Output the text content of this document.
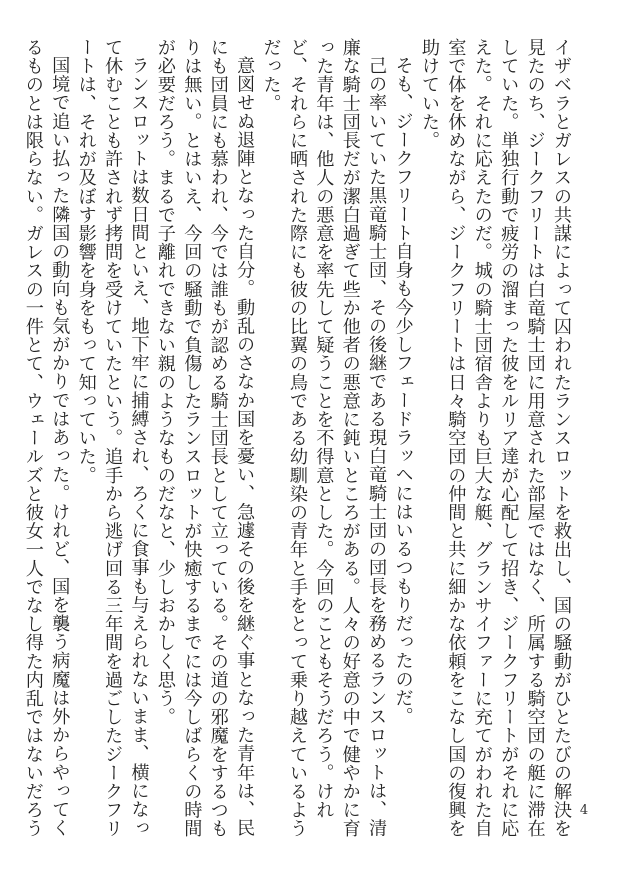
イザベラとガレスの共謀によって囚われたランスロットを救出し、国の騒動がひとたびの解決を見たのち、ジークフリートは白竜騎士団に用意された部屋ではなく、所属する騎空団の艇に滞在していた。単独行動で疲労の溜まった彼をルリア達が心配して招き、ジークフリートがそれに応えた。それに応えたのだ。城の騎士団宿舎よりも巨大な艇、グランサイファーに充てがわれた自室で体を休めながら、ジークフリートは日々騎空団の仲間と共に細かな依頼をこなし国の復興を助けていた。

そも、ジークフリート自身も今少しフェードラッヘにはいるつもりだったのだ。

己の率いていた黒竜騎士団、その後継である現白竜騎士団の団長を務めるランスロットは、清廉な騎士団長だが潔白過ぎて些か他者の悪意に鈍いところがある。人々の好意の中で健やかに育った青年は、他人の悪意を率先して疑うことを不得意とした。今回のこともそうだろう。けれど、それらに晒された際にも彼の比翼の鳥である幼馴染の青年と手をとって乗り越えているようだった。

意図せぬ退陣となった自分。動乱のさなか国を憂い、急遽その後を継ぐ事となった青年は、民にも団員にも慕われ、今では誰もが認める騎士団長として立っている。その道の邪魔をするつもりは無い。とはいえ、今回の騒動で負傷したランスロットが快癒するまでには今しばらくの時間が必要だろう。まるで子離れできない親のようなものだなと、少しおかしく思う。

ランスロットは数日間といえ、地下牢に捕縛され、ろくに食事も与えられないまま、横になって休むことも許されず拷問を受けていたという。追手から逃げ回る三年間を過ごしたジークフリートは、それが及ぼす影響を身をもって知っていた。

国境で追い払った隣国の動向も気がかりではあった。けれど、国を襲う病魔は外からやってくるものとは限らない。ガレスの一件とて、ウェールズと彼女一人でなし得た内乱ではないだろう	4
